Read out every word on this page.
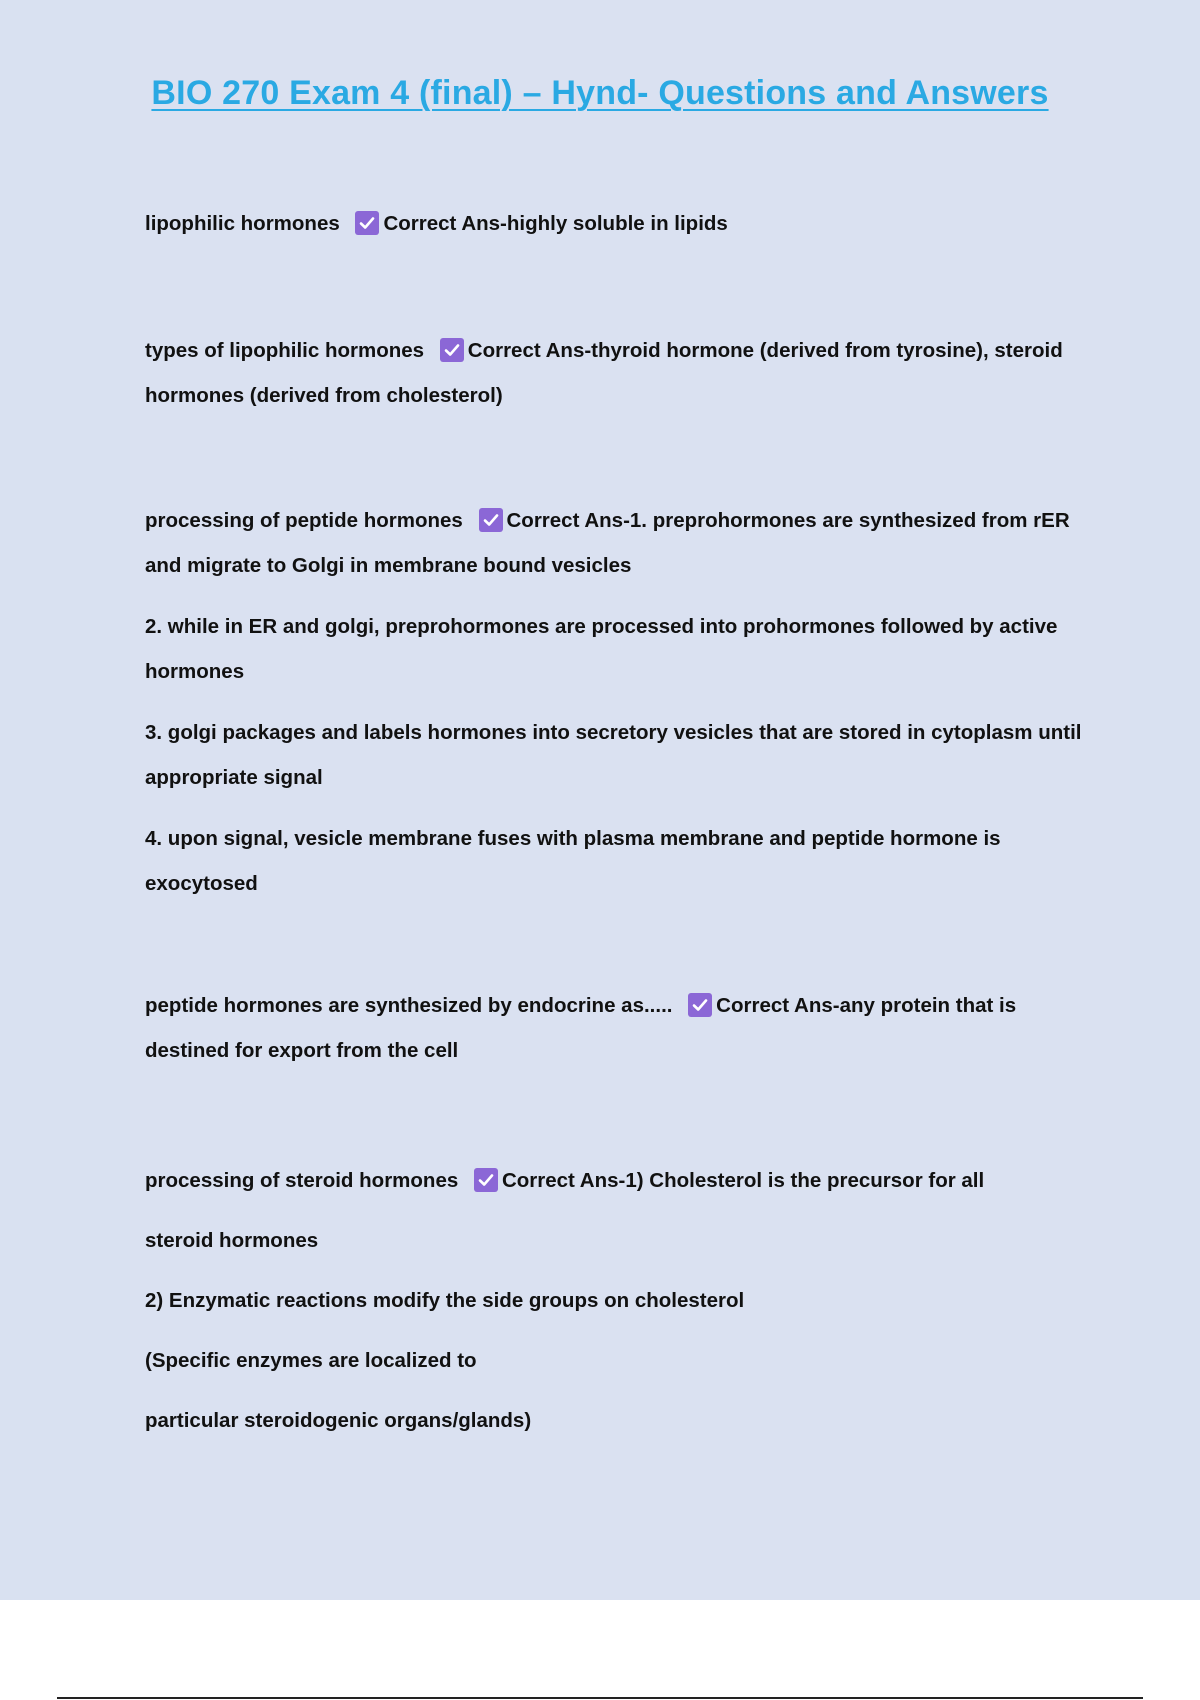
BIO 270 Exam 4 (final) – Hynd- Questions and Answers
lipophilic hormones Correct Ans-highly soluble in lipids
types of lipophilic hormones Correct Ans-thyroid hormone (derived from tyrosine), steroid hormones (derived from cholesterol)
processing of peptide hormones Correct Ans-1. preprohormones are synthesized from rER and migrate to Golgi in membrane bound vesicles
2. while in ER and golgi, preprohormones are processed into prohormones followed by active hormones
3. golgi packages and labels hormones into secretory vesicles that are stored in cytoplasm until appropriate signal
4. upon signal, vesicle membrane fuses with plasma membrane and peptide hormone is exocytosed
peptide hormones are synthesized by endocrine as..... Correct Ans-any protein that is destined for export from the cell
processing of steroid hormones Correct Ans-1) Cholesterol is the precursor for all
steroid hormones
2) Enzymatic reactions modify the side groups on cholesterol
(Specific enzymes are localized to
particular steroidogenic organs/glands)
